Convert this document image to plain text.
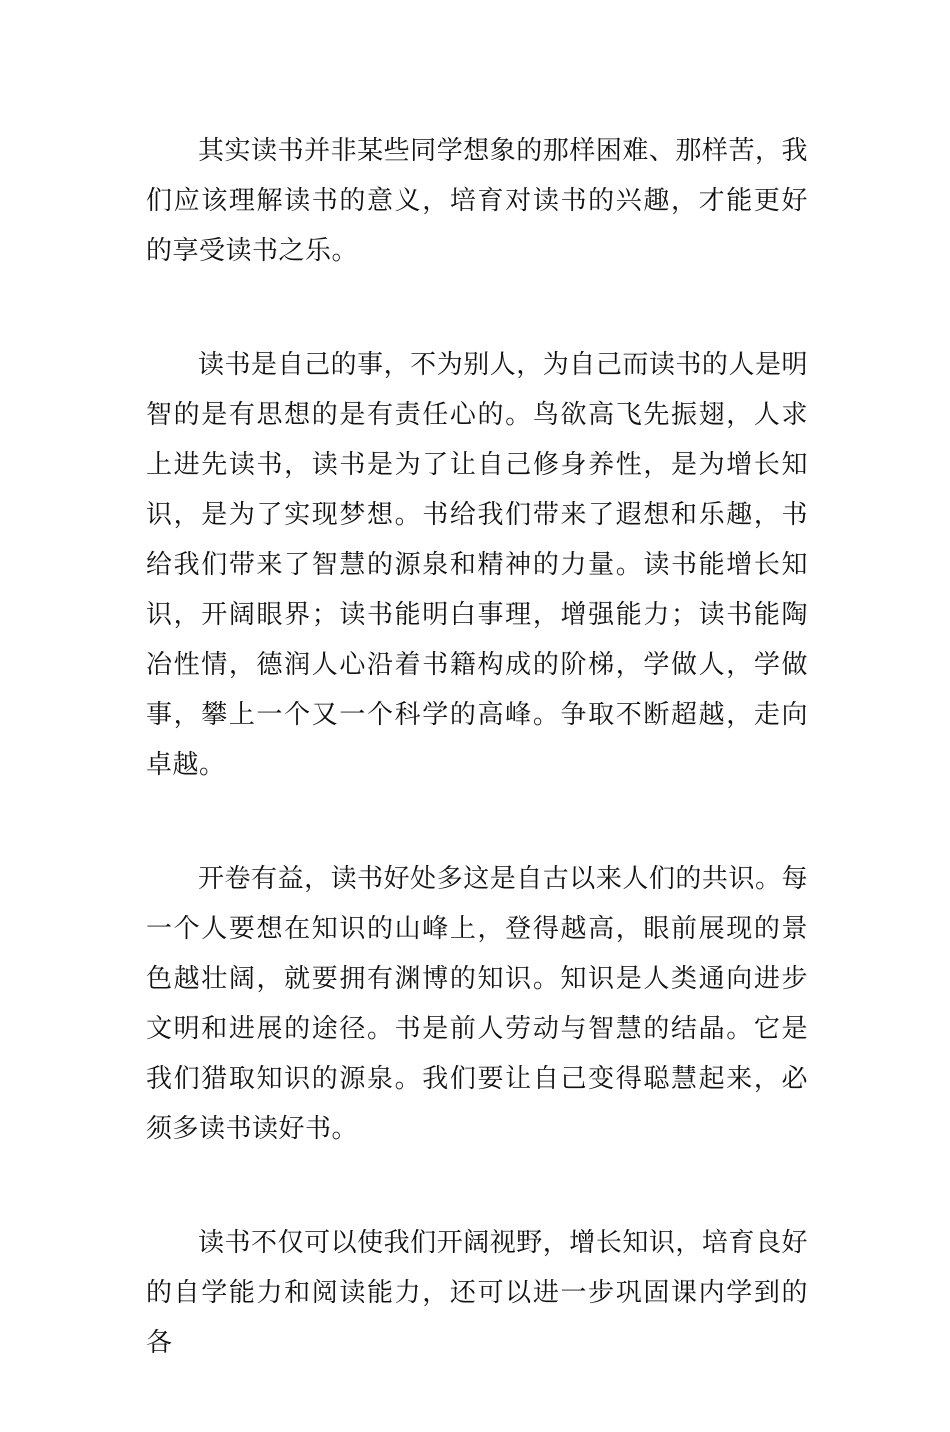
其实读书并非某些同学想象的那样困难、那样苦，我们应该理解读书的意义，培育对读书的兴趣，才能更好的享受读书之乐。

读书是自己的事，不为别人，为自己而读书的人是明智的是有思想的是有责任心的。鸟欲高飞先振翅，人求上进先读书，读书是为了让自己修身养性，是为增长知识，是为了实现梦想。书给我们带来了遐想和乐趣，书给我们带来了智慧的源泉和精神的力量。读书能增长知识，开阔眼界；读书能明白事理，增强能力；读书能陶冶性情，德润人心沿着书籍构成的阶梯，学做人，学做事，攀上一个又一个科学的高峰。争取不断超越，走向卓越。

开卷有益，读书好处多这是自古以来人们的共识。每一个人要想在知识的山峰上，登得越高，眼前展现的景色越壮阔，就要拥有渊博的知识。知识是人类通向进步文明和进展的途径。书是前人劳动与智慧的结晶。它是我们猎取知识的源泉。我们要让自己变得聪慧起来，必须多读书读好书。

读书不仅可以使我们开阔视野，增长知识，培育良好的自学能力和阅读能力，还可以进一步巩固课内学到的各
